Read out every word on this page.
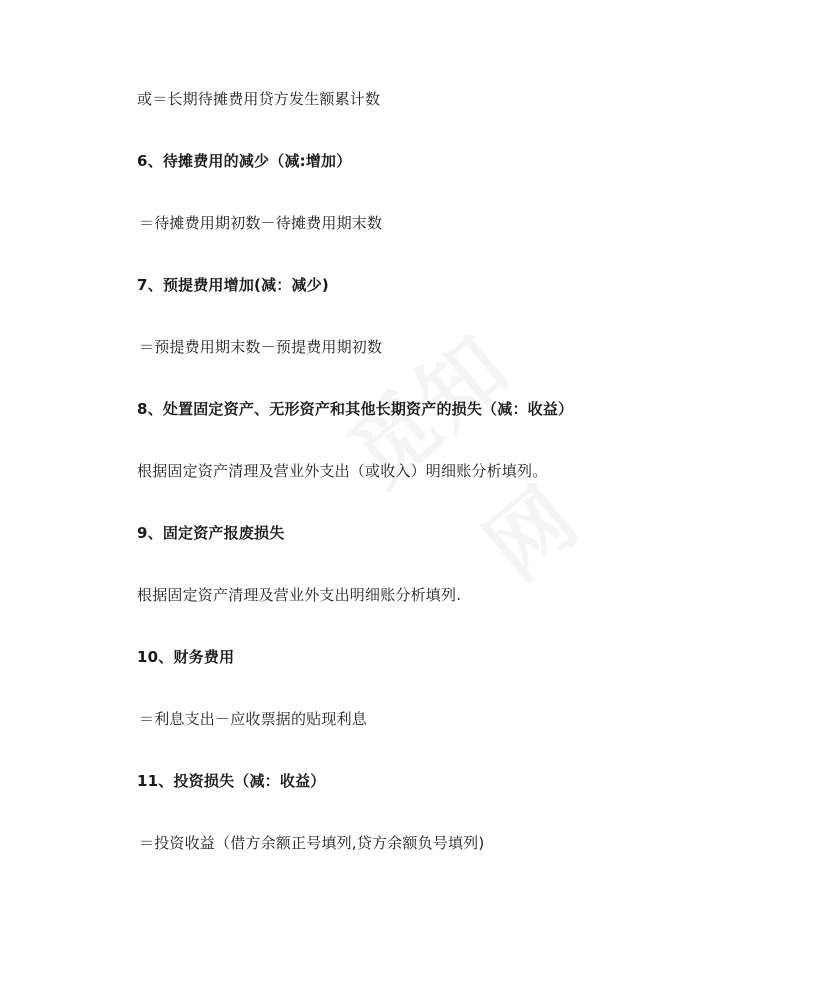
或＝长期待摊费用贷方发生额累计数

6、待摊费用的减少（减:增加）

＝待摊费用期初数－待摊费用期末数

7、预提费用增加(减：减少)

＝预提费用期末数－预提费用期初数

8、处置固定资产、无形资产和其他长期资产的损失（减：收益）

根据固定资产清理及营业外支出（或收入）明细账分析填列。

9、固定资产报废损失

根据固定资产清理及营业外支出明细账分析填列.

10、财务费用

＝利息支出－应收票据的贴现利息

11、投资损失（减：收益）

＝投资收益（借方余额正号填列,贷方余额负号填列)
